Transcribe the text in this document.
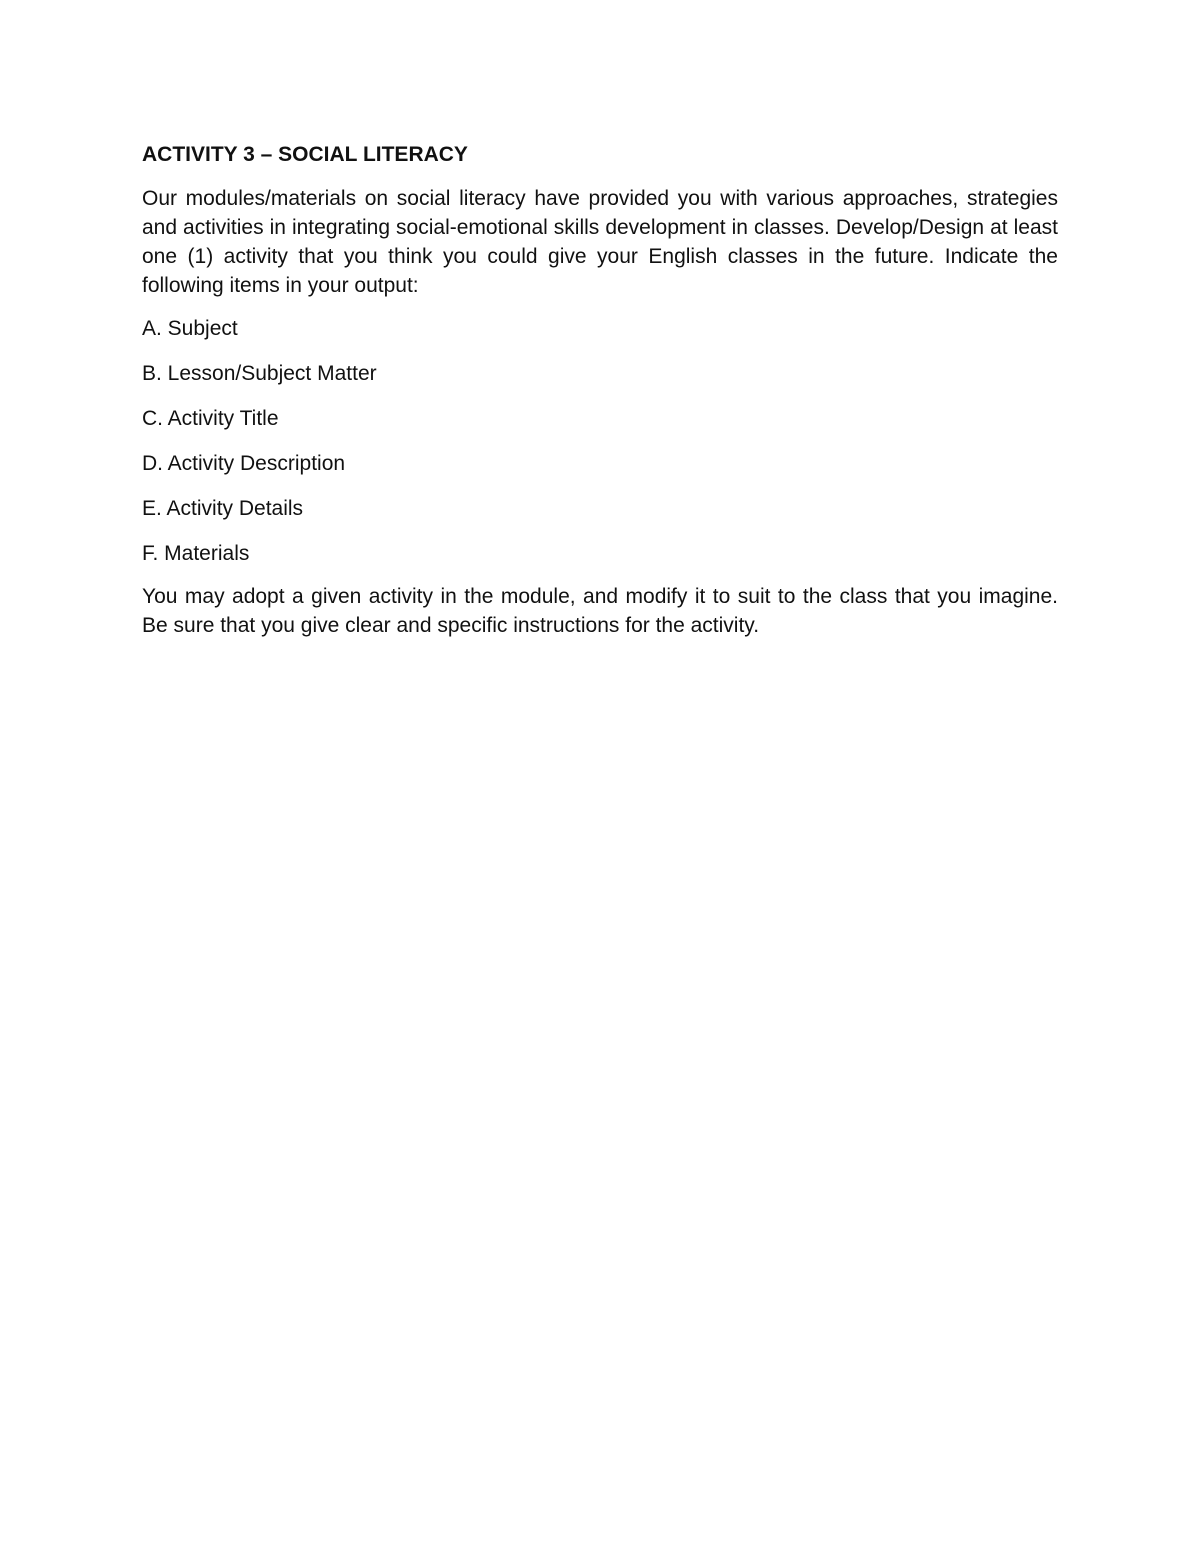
ACTIVITY 3 – SOCIAL LITERACY

Our modules/materials on social literacy have provided you with various approaches, strategies and activities in integrating social-emotional skills development in classes. Develop/Design at least one (1) activity that you think you could give your English classes in the future. Indicate the following items in your output:

A. Subject
B. Lesson/Subject Matter
C. Activity Title
D. Activity Description
E. Activity Details
F. Materials

You may adopt a given activity in the module, and modify it to suit to the class that you imagine. Be sure that you give clear and specific instructions for the activity.
